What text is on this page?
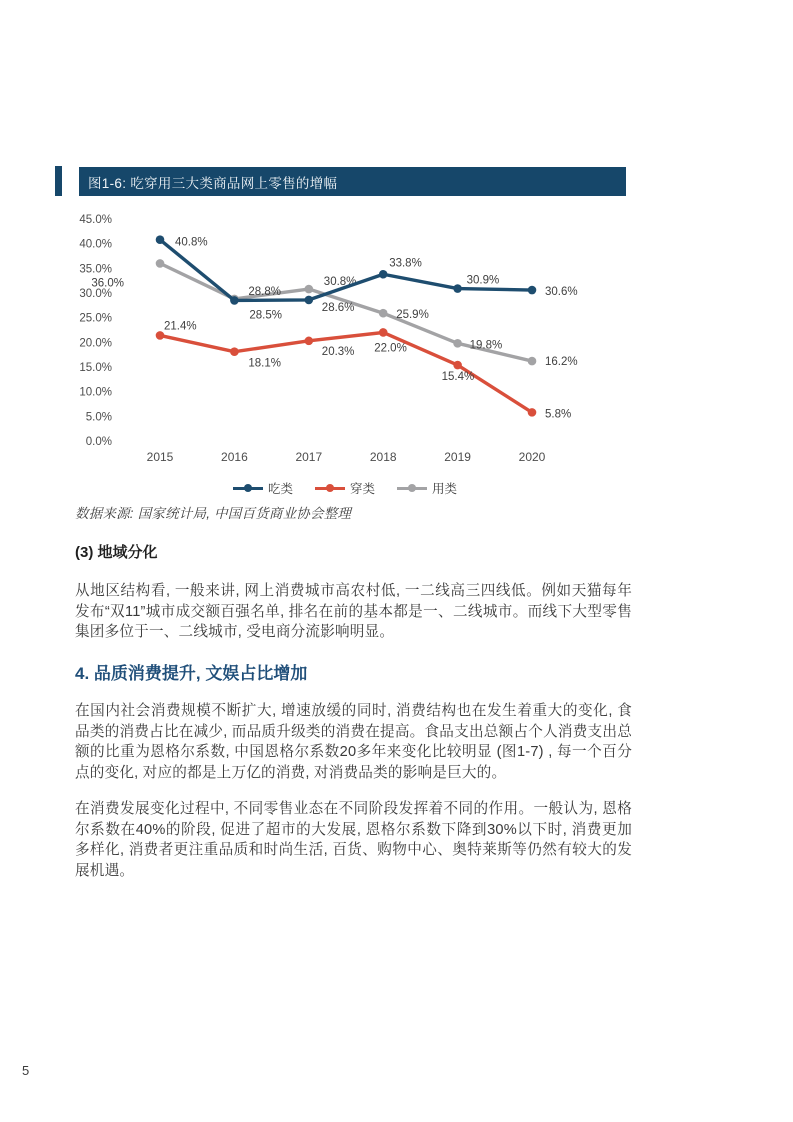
图1-6: 吃穿用三大类商品网上零售的增幅
45.0%
40.0%
35.0%
30.0%
25.0%
20.0%
15.0%
10.0%
5.0%
0.0%
2015	2016	2017	2018	2019	2020
36.0%
28.8%
30.8%
25.9%
19.8%
16.2%
21.4%
18.1%
20.3% 22.0%
15.4%
5.8%
40.8%
28.5%
28.6%
33.8%
30.9%
30.6%
吃类	穿类	用类
数据来源: 国家统计局, 中国百货商业协会整理
(3) 地域分化
从地区结构看, 一般来讲, 网上消费城市高农村低, 一二线高三四线低。例如天猫每年发布“双11”城市成交额百强名单, 排名在前的基本都是一、二线城市。而线下大型零售集团多位于一、二线城市, 受电商分流影响明显。
4. 品质消费提升, 文娱占比增加
在国内社会消费规模不断扩大, 增速放缓的同时, 消费结构也在发生着重大的变化, 食品类的消费占比在减少, 而品质升级类的消费在提高。食品支出总额占个人消费支出总额的比重为恩格尔系数, 中国恩格尔系数20多年来变化比较明显 (图1-7) , 每一个百分点的变化, 对应的都是上万亿的消费, 对消费品类的影响是巨大的。
在消费发展变化过程中, 不同零售业态在不同阶段发挥着不同的作用。一般认为, 恩格尔系数在40%的阶段, 促进了超市的大发展, 恩格尔系数下降到30%以下时, 消费更加多样化, 消费者更注重品质和时尚生活, 百货、购物中心、奥特莱斯等仍然有较大的发展机遇。
5
